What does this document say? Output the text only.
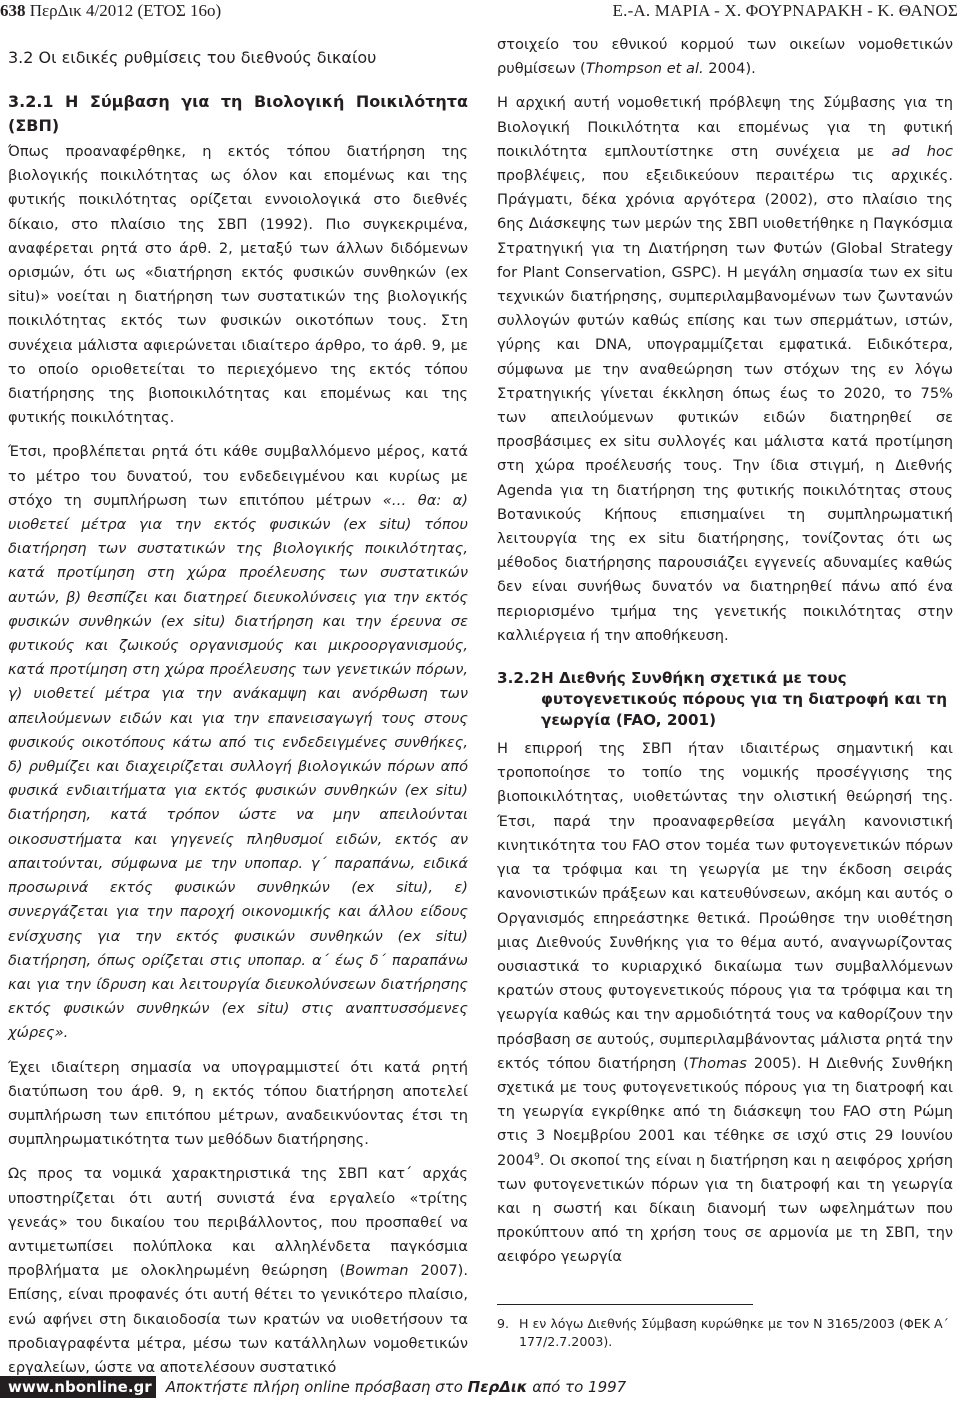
638 ΠερΔικ 4/2012 (ΕΤΟΣ 16ο)	Ε.-Α. ΜΑΡΙΑ - Χ. ΦΟΥΡΝΑΡΑΚΗ - Κ. ΘΑΝΟΣ
3.2 Οι ειδικές ρυθμίσεις του διεθνούς δικαίου
3.2.1 Η Σύμβαση για τη Βιολογική Ποικιλότητα (ΣΒΠ)

Όπως προαναφέρθηκε, η εκτός τόπου διατήρηση της βιολογικής ποικιλότητας ως όλον και επομένως και της φυτικής ποικιλότητας ορίζεται εννοιολογικά στο διεθνές δίκαιο, στο πλαίσιο της ΣΒΠ (1992). Πιο συγκεκριμένα, αναφέρεται ρητά στο άρθ. 2, μεταξύ των άλλων διδόμενων ορισμών, ότι ως «διατήρηση εκτός φυσικών συνθηκών (ex situ)» νοείται η διατήρηση των συστατικών της βιολογικής ποικιλότητας εκτός των φυσικών οικοτόπων τους. Στη συνέχεια μάλιστα αφιερώνεται ιδιαίτερο άρθρο, το άρθ. 9, με το οποίο οριοθετείται το περιεχόμενο της εκτός τόπου διατήρησης της βιοποικιλότητας και επομένως και της φυτικής ποικιλότητας.

Έτσι, προβλέπεται ρητά ότι κάθε συμβαλλόμενο μέρος, κατά το μέτρο του δυνατού, του ενδεδειγμένου και κυρίως με στόχο τη συμπλήρωση των επιτόπου μέτρων «… θα: α) υιοθετεί μέτρα για την εκτός φυσικών (ex situ) τόπου διατήρηση των συστατικών της βιολογικής ποικιλότητας, κατά προτίμηση στη χώρα προέλευσης των συστατικών αυτών, β) θεσπίζει και διατηρεί διευκολύνσεις για την εκτός φυσικών συνθηκών (ex situ) διατήρηση και την έρευνα σε φυτικούς και ζωικούς οργανισμούς και μικροοργανισμούς, κατά προτίμηση στη χώρα προέλευσης των γενετικών πόρων, γ) υιοθετεί μέτρα για την ανάκαμψη και ανόρθωση των απειλούμενων ειδών και για την επανεισαγωγή τους στους φυσικούς οικοτόπους κάτω από τις ενδεδειγμένες συνθήκες, δ) ρυθμίζει και διαχειρίζεται συλλογή βιολογικών πόρων από φυσικά ενδιαιτήματα για εκτός φυσικών συνθηκών (ex situ) διατήρηση, κατά τρόπον ώστε να μην απειλούνται οικοσυστήματα και γηγενείς πληθυσμοί ειδών, εκτός αν απαιτούνται, σύμφωνα με την υποπαρ. γ΄ παραπάνω, ειδικά προσωρινά εκτός φυσικών συνθηκών (ex situ), ε) συνεργάζεται για την παροχή οικονομικής και άλλου είδους ενίσχυσης για την εκτός φυσικών συνθηκών (ex situ) διατήρηση, όπως ορίζεται στις υποπαρ. α΄ έως δ΄ παραπάνω και για την ίδρυση και λειτουργία διευκολύνσεων διατήρησης εκτός φυσικών συνθηκών (ex situ) στις αναπτυσσόμενες χώρες».

Έχει ιδιαίτερη σημασία να υπογραμμιστεί ότι κατά ρητή διατύπωση του άρθ. 9, η εκτός τόπου διατήρηση αποτελεί συμπλήρωση των επιτόπου μέτρων, αναδεικνύοντας έτσι τη συμπληρωματικότητα των μεθόδων διατήρησης.

Ως προς τα νομικά χαρακτηριστικά της ΣΒΠ κατ΄ αρχάς υποστηρίζεται ότι αυτή συνιστά ένα εργαλείο «τρίτης γενεάς» του δικαίου του περιβάλλοντος, που προσπαθεί να αντιμετωπίσει πολύπλοκα και αλληλένδετα παγκόσμια προβλήματα με ολοκληρωμένη θεώρηση (Bowman 2007). Επίσης, είναι προφανές ότι αυτή θέτει το γενικότερο πλαίσιο, ενώ αφήνει στη δικαιοδοσία των κρατών να υιοθετήσουν τα προδιαγραφέντα μέτρα, μέσω των κατάλληλων νομοθετικών εργαλείων, ώστε να αποτελέσουν συστατικό

στοιχείο του εθνικού κορμού των οικείων νομοθετικών ρυθμίσεων (Thompson et al. 2004).

Η αρχική αυτή νομοθετική πρόβλεψη της Σύμβασης για τη Βιολογική Ποικιλότητα και επομένως για τη φυτική ποικιλότητα εμπλουτίστηκε στη συνέχεια με ad hoc προβλέψεις, που εξειδικεύουν περαιτέρω τις αρχικές. Πράγματι, δέκα χρόνια αργότερα (2002), στο πλαίσιο της 6ης Διάσκεψης των μερών της ΣΒΠ υιοθετήθηκε η Παγκόσμια Στρατηγική για τη Διατήρηση των Φυτών (Global Strategy for Plant Conservation, GSPC). Η μεγάλη σημασία των ex situ τεχνικών διατήρησης, συμπεριλαμβανομένων των ζωντανών συλλογών φυτών καθώς επίσης και των σπερμάτων, ιστών, γύρης και DNA, υπογραμμίζεται εμφατικά. Ειδικότερα, σύμφωνα με την αναθεώρηση των στόχων της εν λόγω Στρατηγικής γίνεται έκκληση όπως έως το 2020, το 75% των απειλούμενων φυτικών ειδών διατηρηθεί σε προσβάσιμες ex situ συλλογές και μάλιστα κατά προτίμηση στη χώρα προέλευσής τους. Την ίδια στιγμή, η Διεθνής Agenda για τη διατήρηση της φυτικής ποικιλότητας στους Βοτανικούς Κήπους επισημαίνει τη συμπληρωματική λειτουργία της ex situ διατήρησης, τονίζοντας ότι ως μέθοδος διατήρησης παρουσιάζει εγγενείς αδυναμίες καθώς δεν είναι συνήθως δυνατόν να διατηρηθεί πάνω από ένα περιορισμένο τμήμα της γενετικής ποικιλότητας στην καλλιέργεια ή την αποθήκευση.

3.2.2 Η Διεθνής Συνθήκη σχετικά με τους φυτογενετικούς πόρους για τη διατροφή και τη γεωργία (FAO, 2001)

Η επιρροή της ΣΒΠ ήταν ιδιαιτέρως σημαντική και τροποποίησε το τοπίο της νομικής προσέγγισης της βιοποικιλότητας, υιοθετώντας την ολιστική θεώρησή της. Έτσι, παρά την προαναφερθείσα μεγάλη κανονιστική κινητικότητα του FAO στον τομέα των φυτογενετικών πόρων για τα τρόφιμα και τη γεωργία με την έκδοση σειράς κανονιστικών πράξεων και κατευθύνσεων, ακόμη και αυτός ο Οργανισμός επηρεάστηκε θετικά. Προώθησε την υιοθέτηση μιας Διεθνούς Συνθήκης για το θέμα αυτό, αναγνωρίζοντας ουσιαστικά το κυριαρχικό δικαίωμα των συμβαλλόμενων κρατών στους φυτογενετικούς πόρους για τα τρόφιμα και τη γεωργία καθώς και την αρμοδιότητά τους να καθορίζουν την πρόσβαση σε αυτούς, συμπεριλαμβάνοντας μάλιστα ρητά την εκτός τόπου διατήρηση (Thomas 2005). Η Διεθνής Συνθήκη σχετικά με τους φυτογενετικούς πόρους για τη διατροφή και τη γεωργία εγκρίθηκε από τη διάσκεψη του FAO στη Ρώμη στις 3 Νοεμβρίου 2001 και τέθηκε σε ισχύ στις 29 Ιουνίου 2004$^9$. Οι σκοποί της είναι η διατήρηση και η αειφόρος χρήση των φυτογενετικών πόρων για τη διατροφή και τη γεωργία και η σωστή και δίκαιη διανομή των ωφελημάτων που προκύπτουν από τη χρήση τους σε αρμονία με τη ΣΒΠ, την αειφόρο γεωργία

9. Η εν λόγω Διεθνής Σύμβαση κυρώθηκε με τον Ν 3165/2003 (ΦΕΚ Α΄ 177/2.7.2003).
www.nbonline.gr Αποκτήστε πλήρη online πρόσβαση στο ΠερΔικ από το 1997
